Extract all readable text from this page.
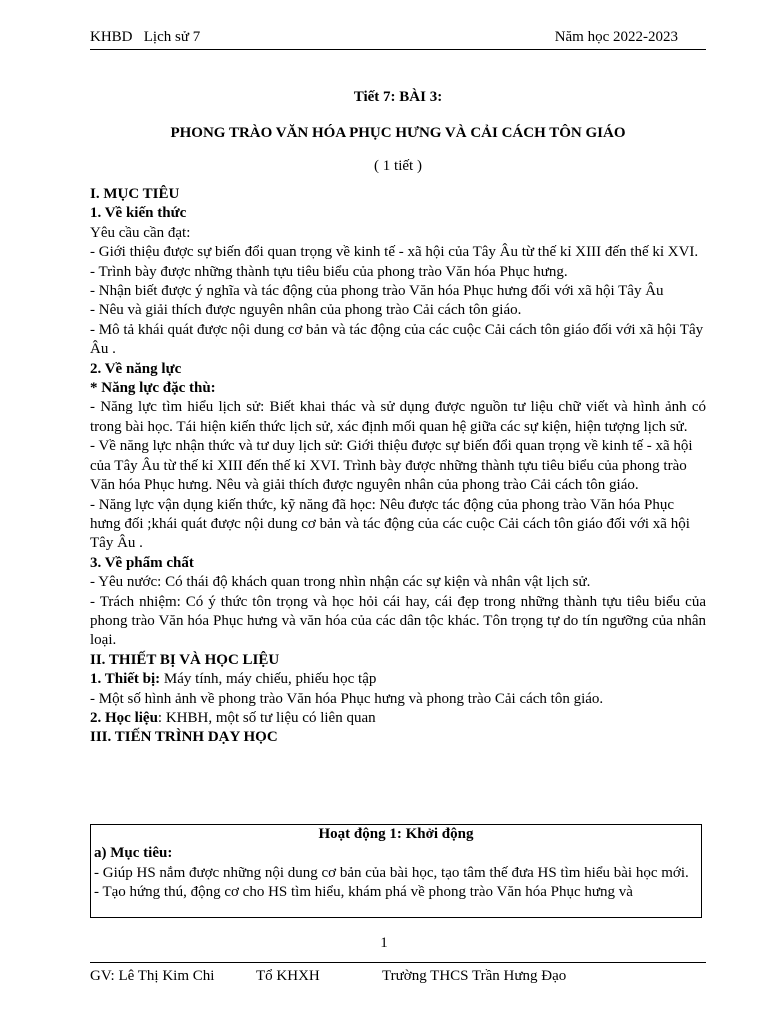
KHBD   Lịch sử 7	Năm học 2022-2023
Tiết 7: BÀI 3:
PHONG TRÀO VĂN HÓA PHỤC HƯNG VÀ CẢI CÁCH TÔN GIÁO
( 1 tiết )

I. MỤC TIÊU

1. Về kiến thức

Yêu cầu cần đạt:

- Giới thiệu được sự biến đổi quan trọng về kinh tế - xã hội của Tây Âu từ thế kỉ XIII đến thế kỉ XVI.

- Trình bày được những thành tựu tiêu biểu của phong trào Văn hóa Phục hưng.

- Nhận biết được ý nghĩa và tác động của phong trào Văn hóa Phục hưng đối với xã hội Tây Âu

- Nêu và giải thích được nguyên nhân của phong trào Cải cách tôn giáo.

- Mô tả khái quát được nội dung cơ bản và tác động của các cuộc Cải cách tôn giáo đối với xã hội Tây Âu .

2. Về năng lực

* Năng lực đặc thù:

- Năng lực tìm hiểu lịch sử: Biết khai thác và sử dụng được nguồn tư liệu chữ viết và hình ảnh có trong bài học. Tái hiện kiến thức lịch sử, xác định mối quan hệ giữa các sự kiện, hiện tượng lịch sử.

- Về năng lực nhận thức và tư duy lịch sử: Giới thiệu được sự biến đổi quan trọng về kinh tế - xã hội của Tây Âu từ thế kỉ XIII đến thế kỉ XVI. Trình bày được những thành tựu tiêu biểu của phong trào Văn hóa Phục hưng. Nêu và giải thích được nguyên nhân của phong trào Cải cách tôn giáo.

- Năng lực vận dụng kiến thức, kỹ năng đã học: Nêu được tác động của phong trào Văn hóa Phục hưng đối ;khái quát được nội dung cơ bản và tác động của các cuộc Cải cách tôn giáo đối với xã hội Tây Âu .

3. Về phẩm chất

- Yêu nước: Có thái độ khách quan trong nhìn nhận các sự kiện và nhân vật lịch sử.

- Trách nhiệm: Có ý thức tôn trọng và học hỏi cái hay, cái đẹp trong những thành tựu tiêu biểu của phong trào Văn hóa Phục hưng và văn hóa của các dân tộc khác. Tôn trọng tự do tín ngưỡng của nhân loại.

II. THIẾT BỊ VÀ HỌC LIỆU

1. Thiết bị: Máy tính, máy chiếu, phiếu học tập

- Một số hình ảnh về phong trào Văn hóa Phục hưng và phong trào Cải cách tôn giáo.

2. Học liệu: KHBH, một số tư liệu có liên quan

III. TIẾN TRÌNH DẠY HỌC

Hoạt động 1: Khởi động
a) Mục tiêu:
- Giúp HS nắm được những nội dung cơ bản của bài học, tạo tâm thế đưa HS tìm hiểu bài học mới.
- Tạo hứng thú, động cơ cho HS tìm hiểu, khám phá về phong trào Văn hóa Phục hưng và
1
GV: Lê Thị Kim Chi	Tổ KHXH	Trường THCS Trần Hưng Đạo
